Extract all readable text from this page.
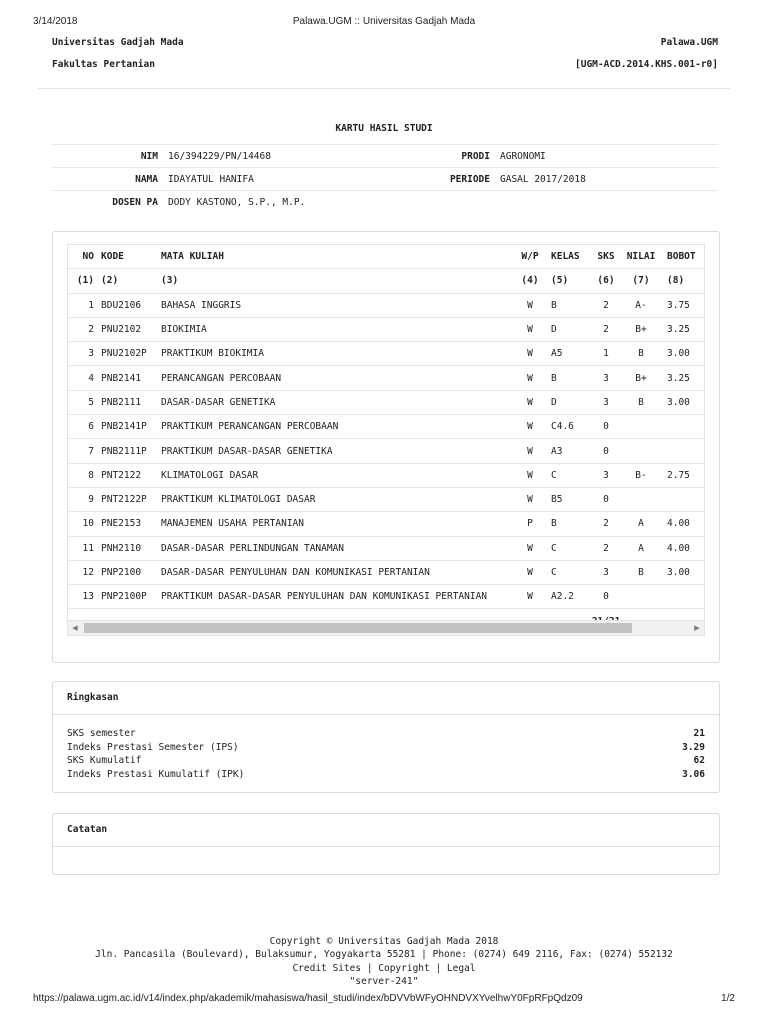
3/14/2018	Palawa.UGM :: Universitas Gadjah Mada
Universitas Gadjah Mada	Palawa.UGM
Fakultas Pertanian	[UGM-ACD.2014.KHS.001-r0]
KARTU HASIL STUDI
NIM 16/394229/PN/14468	PRODI AGRONOMI
NAMA IDAYATUL HANIFA	PERIODE GASAL 2017/2018
DOSEN PA DODY KASTONO, S.P., M.P.
NO	KODE	MATA KULIAH	W/P	KELAS	SKS	NILAI	BOBOT
(1)	(2)	(3)	(4)	(5)	(6)	(7)	(8)
1	BDU2106	BAHASA INGGRIS	W	B	2	A-	3.75
2	PNU2102	BIOKIMIA	W	D	2	B+	3.25
3	PNU2102P	PRAKTIKUM BIOKIMIA	W	A5	1	B	3.00
4	PNB2141	PERANCANGAN PERCOBAAN	W	B	3	B+	3.25
5	PNB2111	DASAR-DASAR GENETIKA	W	D	3	B	3.00
6	PNB2141P	PRAKTIKUM PERANCANGAN PERCOBAAN	W	C4.6	0		
7	PNB2111P	PRAKTIKUM DASAR-DASAR GENETIKA	W	A3	0		
8	PNT2122	KLIMATOLOGI DASAR	W	C	3	B-	2.75
9	PNT2122P	PRAKTIKUM KLIMATOLOGI DASAR	W	B5	0		
10	PNE2153	MANAJEMEN USAHA PERTANIAN	P	B	2	A	4.00
11	PNH2110	DASAR-DASAR PERLINDUNGAN TANAMAN	W	C	2	A	4.00
12	PNP2100	DASAR-DASAR PENYULUHAN DAN KOMUNIKASI PERTANIAN	W	C	3	B	3.00
13	PNP2100P	PRAKTIKUM DASAR-DASAR PENYULUHAN DAN KOMUNIKASI PERTANIAN	W	A2.2	0		

◀	▶
Ringkasan
SKS semester	21
Indeks Prestasi Semester (IPS)	3.29
SKS Kumulatif	62
Indeks Prestasi Kumulatif (IPK)	3.06
Catatan
Copyright © Universitas Gadjah Mada 2018
Jln. Pancasila (Boulevard), Bulaksumur, Yogyakarta 55281 | Phone: (0274) 649 2116, Fax: (0274) 552132
Credit Sites | Copyright | Legal
"server-241"
https://palawa.ugm.ac.id/v14/index.php/akademik/mahasiswa/hasil_studi/index/bDVVbWFyOHNDVXYvelhwY0FpRFpQdz09	1/2
